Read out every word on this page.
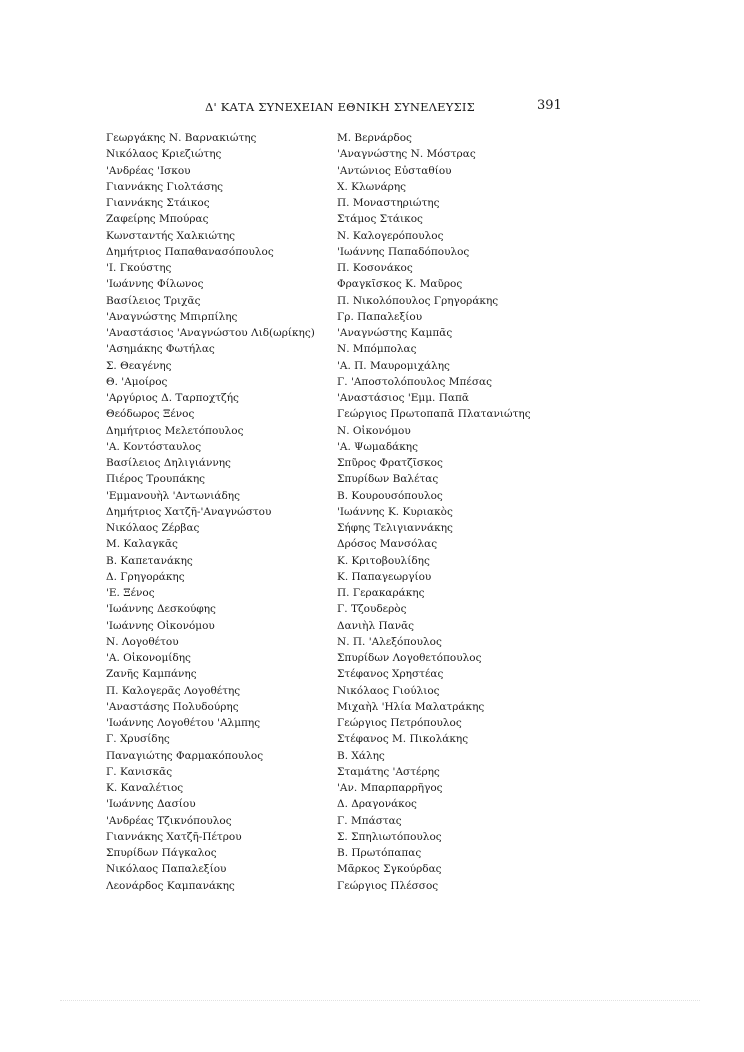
Δ' ΚΑΤΑ ΣΥΝΕΧΕΙΑΝ ΕΘΝΙΚΗ ΣΥΝΕΛΕΥΣΙΣ	391
Γεωργάκης Ν. Βαρνακιώτης
Νικόλαος Κριεζιώτης
'Ανδρέας 'Ισκου
Γιαννάκης Γιολτάσης
Γιαννάκης Στάικος
Ζαφείρης Μπούρας
Κωνσταντής Χαλκιώτης
Δημήτριος Παπαθανασόπουλος
'Ι. Γκούστης
'Ιωάννης Φίλωνος
Βασίλειος Τριχᾶς
'Αναγνώστης Μπιρπίλης
'Αναστάσιος 'Αναγνώστου Λιδ(ωρίκης)
'Ασημάκης Φωτήλας
Σ. Θεαγένης
Θ. 'Αμοίρος
'Αργύριος Δ. Ταρποχτζής
Θεόδωρος Ξένος
Δημήτριος Μελετόπουλος
'Α. Κοντόσταυλος
Βασίλειος Δηλιγιάννης
Πιέρος Τρουπάκης
'Εμμανουὴλ 'Αντωνιάδης
Δημήτριος Χατζῆ-'Αναγνώστου
Νικόλαος Ζέρβας
Μ. Καλαγκᾶς
Β. Καπετανάκης
Δ. Γρηγοράκης
'Ε. Ξένος
'Ιωάννης Δεσκούφης
'Ιωάννης Οἰκονόμου
Ν. Λογοθέτου
'Α. Οἰκονομίδης
Ζανῆς Καμπάνης
Π. Καλογερᾶς Λογοθέτης
'Αναστάσης Πολυδούρης
'Ιωάννης Λογοθέτου 'Αλμπης
Γ. Χρυσίδης
Παναγιώτης Φαρμακόπουλος
Γ. Κανισκᾶς
Κ. Καναλέτιος
'Ιωάννης Δασίου
'Ανδρέας Τζικνόπουλος
Γιαννάκης Χατζῆ-Πέτρου
Σπυρίδων Πάγκαλος
Νικόλαος Παπαλεξίου
Λεονάρδος Καμπανάκης
Μ. Βερνάρδος
'Αναγνώστης Ν. Μόστρας
'Αντώνιος Εὐσταθίου
Χ. Κλωνάρης
Π. Μοναστηριώτης
Στάμος Στάικος
Ν. Καλογερόπουλος
'Ιωάννης Παπαδόπουλος
Π. Κοσονάκος
Φραγκῖσκος Κ. Μαῦρος
Π. Νικολόπουλος Γρηγοράκης
Γρ. Παπαλεξίου
'Αναγνώστης Καμπᾶς
Ν. Μπόμπολας
'Α. Π. Μαυρομιχάλης
Γ. 'Αποστολόπουλος Μπέσας
'Αναστάσιος 'Εμμ. Παπᾶ
Γεώργιος Πρωτοπαπᾶ Πλατανιώτης
Ν. Οἰκονόμου
'Α. Ψωμαδάκης
Σπῦρος Φρατζῖσκος
Σπυρίδων Βαλέτας
Β. Κουρουσόπουλος
'Ιωάννης Κ. Κυριακὸς
Σήφης Τελιγιαννάκης
Δρόσος Μανσόλας
Κ. Κριτοβουλίδης
Κ. Παπαγεωργίου
Π. Γερακαράκης
Γ. Τζουδερὸς
Δανιὴλ Πανᾶς
Ν. Π. 'Αλεξόπουλος
Σπυρίδων Λογοθετόπουλος
Στέφανος Χρηστέας
Νικόλαος Γιούλιος
Μιχαὴλ 'Ηλία Μαλατράκης
Γεώργιος Πετρόπουλος
Στέφανος Μ. Πικολάκης
Β. Χάλης
Σταμάτης 'Αστέρης
'Αν. Μπαρπαρρῆγος
Δ. Δραγονάκος
Γ. Μπάστας
Σ. Σπηλιωτόπουλος
Β. Πρωτόπαπας
Μᾶρκος Σγκούρδας
Γεώργιος Πλέσσος
